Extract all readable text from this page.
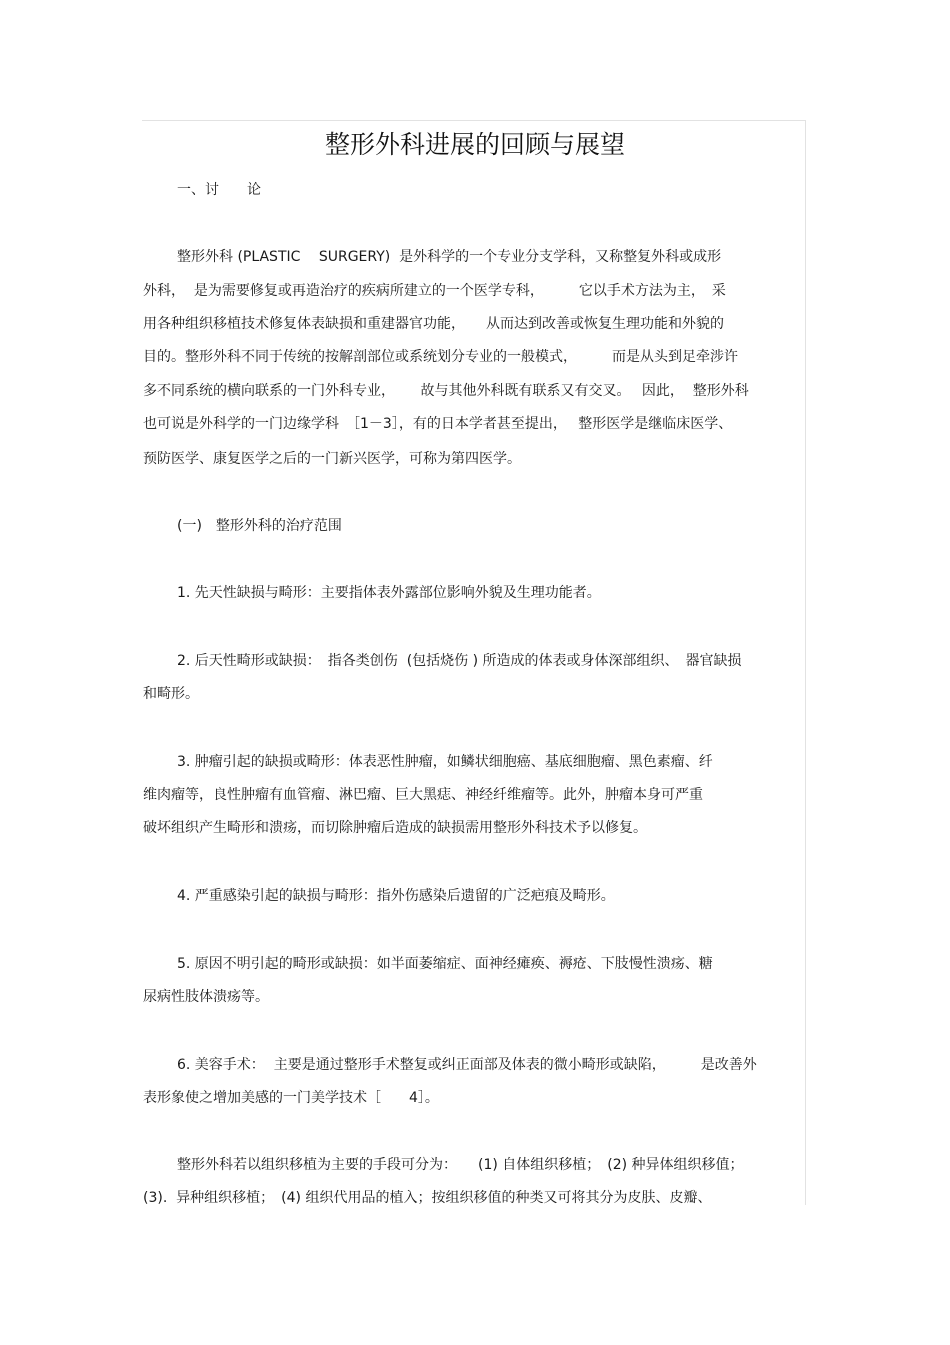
整形外科进展的回顾与展望
一、讨　　论
整形外科 (PLASTIC　 SURGERY)  是外科学的一个专业分支学科，又称整复外科或成形
外科，  是为需要修复或再造治疗的疾病所建立的一个医学专科，　　　它以手术方法为主，　采
用各种组织移植技术修复体表缺损和重建器官功能，　　从而达到改善或恢复生理功能和外貌的
目的。整形外科不同于传统的按解剖部位或系统划分专业的一般模式，　　　而是从头到足牵涉许
多不同系统的横向联系的一门外科专业，　　 故与其他外科既有联系又有交叉。　 因此，  整形外科
也可说是外科学的一门边缘学科　［1－3］，有的日本学者甚至提出，　 整形医学是继临床医学、
预防医学、康复医学之后的一门新兴医学，可称为第四医学。
(一)　整形外科的治疗范围
1. 先天性缺损与畸形：主要指体表外露部位影响外貌及生理功能者。
2. 后天性畸形或缺损：　指各类创伤  (包括烧伤 ) 所造成的体表或身体深部组织、　器官缺损
和畸形。
3. 肿瘤引起的缺损或畸形：体表恶性肿瘤，如鳞状细胞癌、基底细胞瘤、黑色素瘤、纤
维肉瘤等，良性肿瘤有血管瘤、淋巴瘤、巨大黑痣、神经纤维瘤等。此外，肿瘤本身可严重
破坏组织产生畸形和溃疡，而切除肿瘤后造成的缺损需用整形外科技术予以修复。
4. 严重感染引起的缺损与畸形：指外伤感染后遗留的广泛疤痕及畸形。
5. 原因不明引起的畸形或缺损：如半面萎缩症、面神经瘫痪、褥疮、下肢慢性溃疡、糖
尿病性肢体溃疡等。
6. 美容手术：  主要是通过整形手术整复或纠正面部及体表的微小畸形或缺陷，　　　是改善外
表形象使之增加美感的一门美学技术［　　4］。
整形外科若以组织移植为主要的手段可分为：　　(1) 自体组织移植；　(2) 种异体组织移值；
(3).  异种组织移植；　(4) 组织代用品的植入；按组织移值的种类又可将其分为皮肤、皮瓣、
